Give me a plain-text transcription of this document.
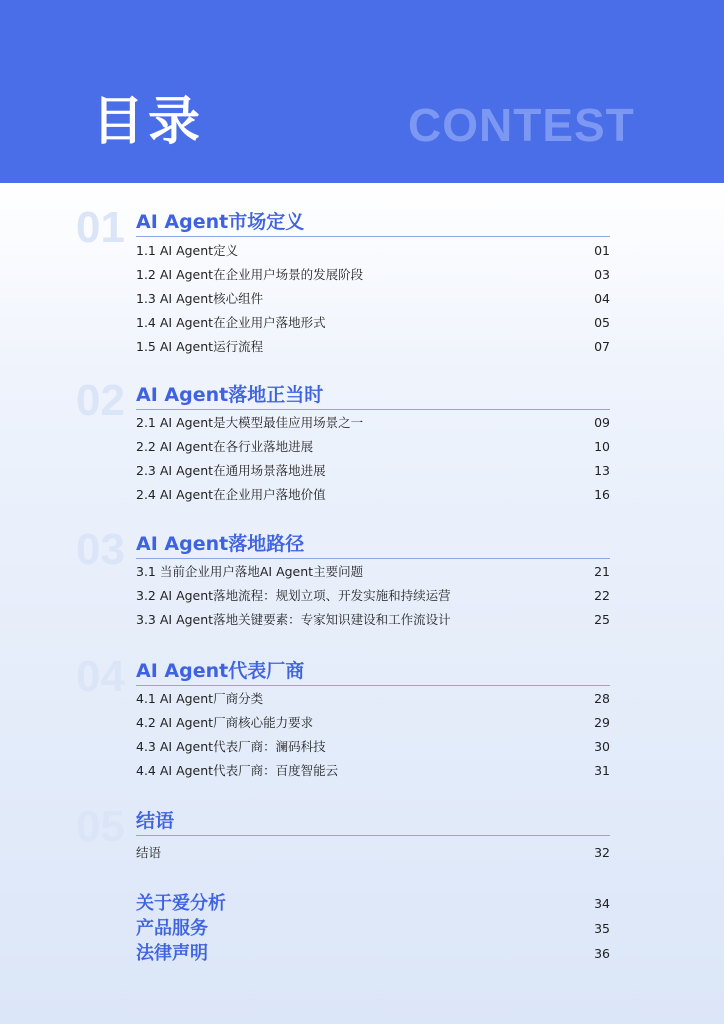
目录	CONTEST
01 AI Agent市场定义
1.1 AI Agent定义	01
1.2 AI Agent在企业用户场景的发展阶段	03
1.3 AI Agent核心组件	04
1.4 AI Agent在企业用户落地形式	05
1.5 AI Agent运行流程	07
02 AI Agent落地正当时
2.1 AI Agent是大模型最佳应用场景之一	09
2.2 AI Agent在各行业落地进展	10
2.3 AI Agent在通用场景落地进展	13
2.4 AI Agent在企业用户落地价值	16
03 AI Agent落地路径
3.1 当前企业用户落地AI Agent主要问题	21
3.2 AI Agent落地流程：规划立项、开发实施和持续运营	22
3.3 AI Agent落地关键要素：专家知识建设和工作流设计	25
04 AI Agent代表厂商
4.1 AI Agent厂商分类	28
4.2 AI Agent厂商核心能力要求	29
4.3 AI Agent代表厂商：澜码科技	30
4.4 AI Agent代表厂商：百度智能云	31
05 结语
结语	32
关于爱分析	34
产品服务	35
法律声明	36
